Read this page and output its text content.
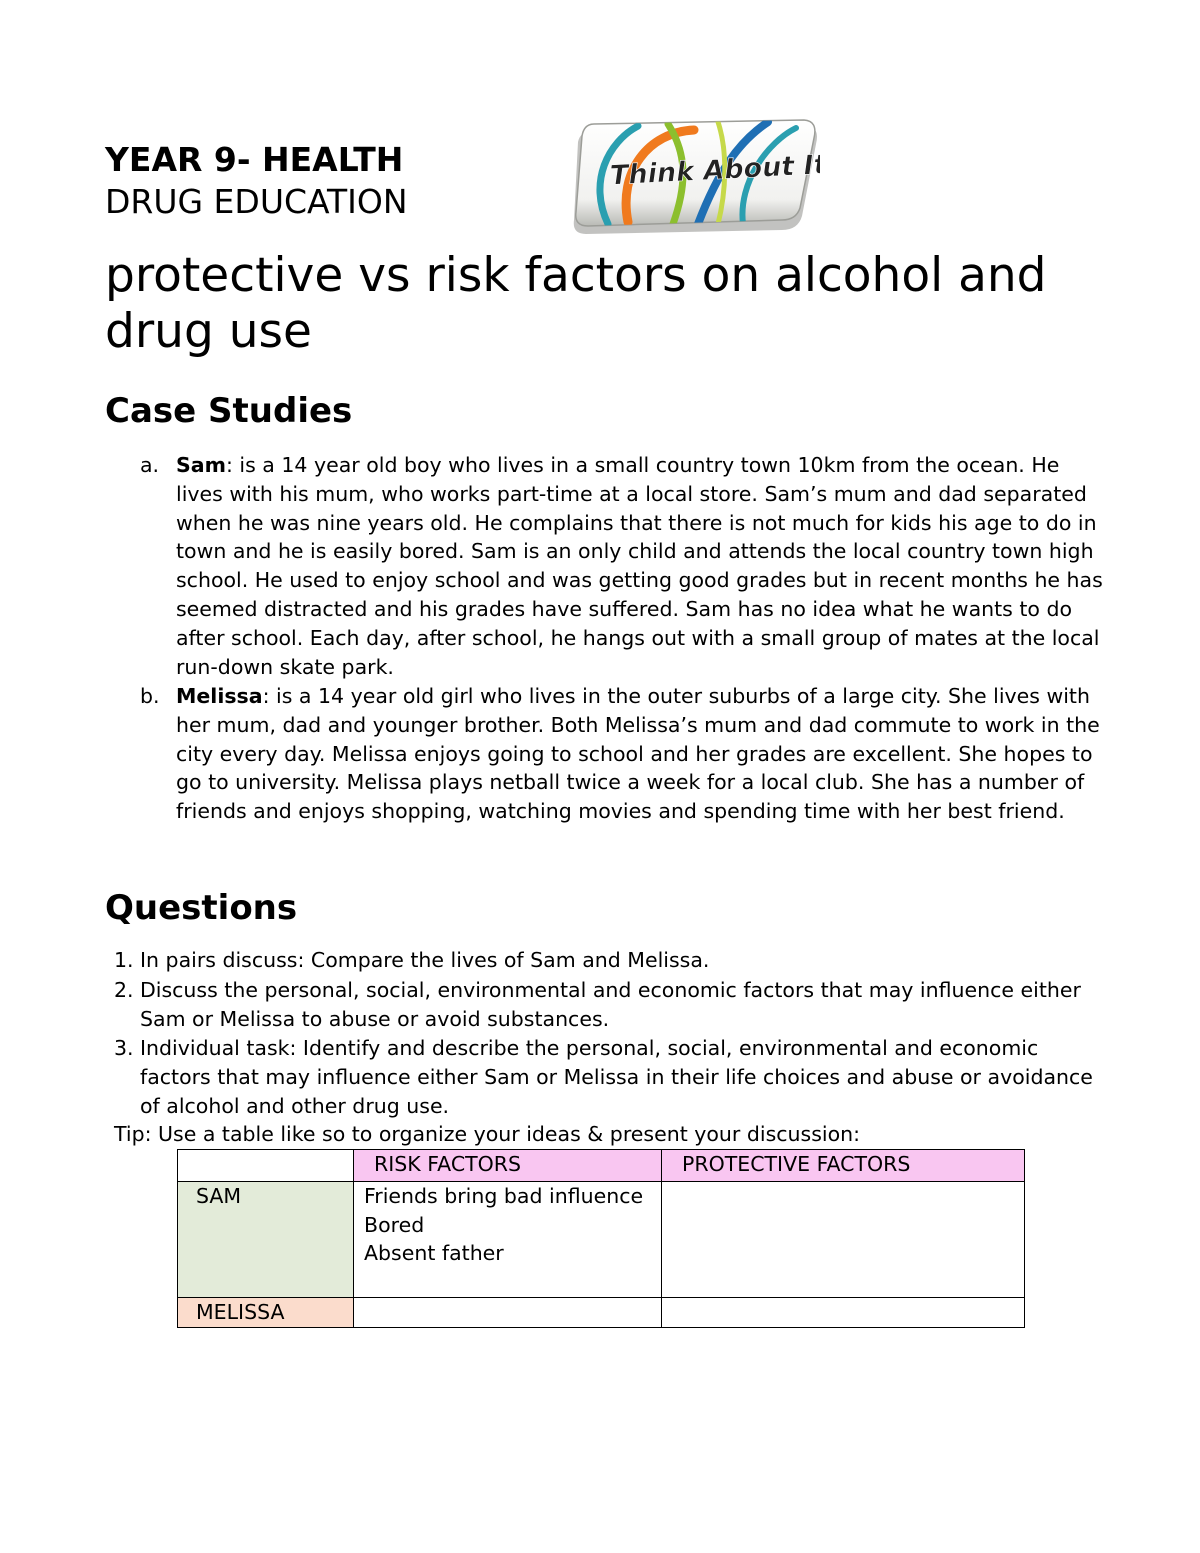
YEAR 9- HEALTH
DRUG EDUCATION
Think About It
protective vs risk factors on alcohol and drug use
Case Studies
a. Sam: is a 14 year old boy who lives in a small country town 10km from the ocean. He lives with his mum, who works part-time at a local store. Sam’s mum and dad separated when he was nine years old. He complains that there is not much for kids his age to do in town and he is easily bored. Sam is an only child and attends the local country town high school. He used to enjoy school and was getting good grades but in recent months he has seemed distracted and his grades have suffered. Sam has no idea what he wants to do after school. Each day, after school, he hangs out with a small group of mates at the local run-down skate park.
b. Melissa: is a 14 year old girl who lives in the outer suburbs of a large city. She lives with her mum, dad and younger brother. Both Melissa’s mum and dad commute to work in the city every day. Melissa enjoys going to school and her grades are excellent. She hopes to go to university. Melissa plays netball twice a week for a local club. She has a number of friends and enjoys shopping, watching movies and spending time with her best friend.
Questions
1. In pairs discuss: Compare the lives of Sam and Melissa.
2. Discuss the personal, social, environmental and economic factors that may influence either Sam or Melissa to abuse or avoid substances.
3. Individual task: Identify and describe the personal, social, environmental and economic factors that may influence either Sam or Melissa in their life choices and abuse or avoidance of alcohol and other drug use.
Tip: Use a table like so to organize your ideas & present your discussion:
	RISK FACTORS	PROTECTIVE FACTORS
SAM	Friends bring bad influence
Bored
Absent father	

MELISSA		
